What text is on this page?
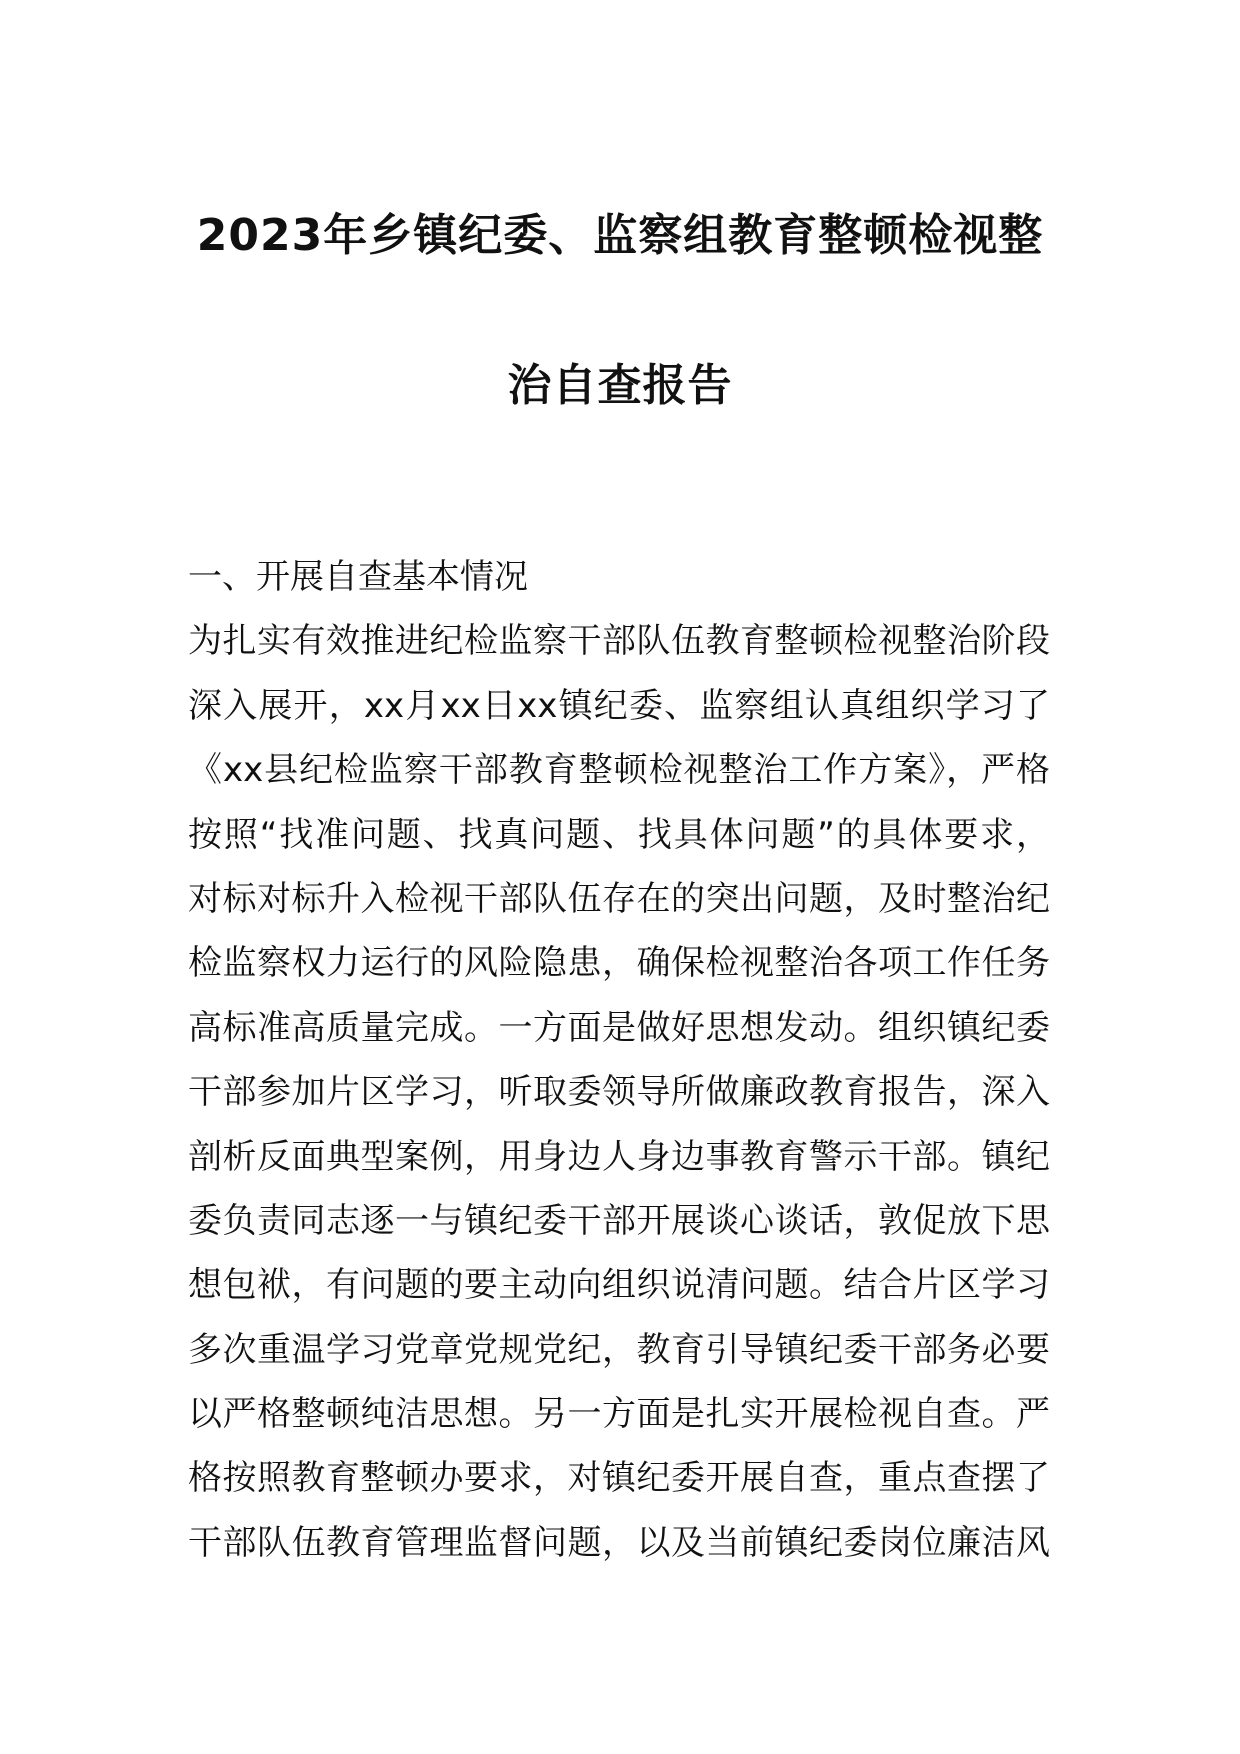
2023年乡镇纪委、监察组教育整顿检视整
治自查报告
一、开展自查基本情况
为扎实有效推进纪检监察干部队伍教育整顿检视整治阶段
深入展开，xx月xx日xx镇纪委、监察组认真组织学习了
《xx县纪检监察干部教育整顿检视整治工作方案》，严格
按照“找准问题、找真问题、找具体问题”的具体要求，
对标对标升入检视干部队伍存在的突出问题，及时整治纪
检监察权力运行的风险隐患，确保检视整治各项工作任务
高标准高质量完成。一方面是做好思想发动。组织镇纪委
干部参加片区学习，听取委领导所做廉政教育报告，深入
剖析反面典型案例，用身边人身边事教育警示干部。镇纪
委负责同志逐一与镇纪委干部开展谈心谈话，敦促放下思
想包袱，有问题的要主动向组织说清问题。结合片区学习
多次重温学习党章党规党纪，教育引导镇纪委干部务必要
以严格整顿纯洁思想。另一方面是扎实开展检视自查。严
格按照教育整顿办要求，对镇纪委开展自查，重点查摆了
干部队伍教育管理监督问题，以及当前镇纪委岗位廉洁风
